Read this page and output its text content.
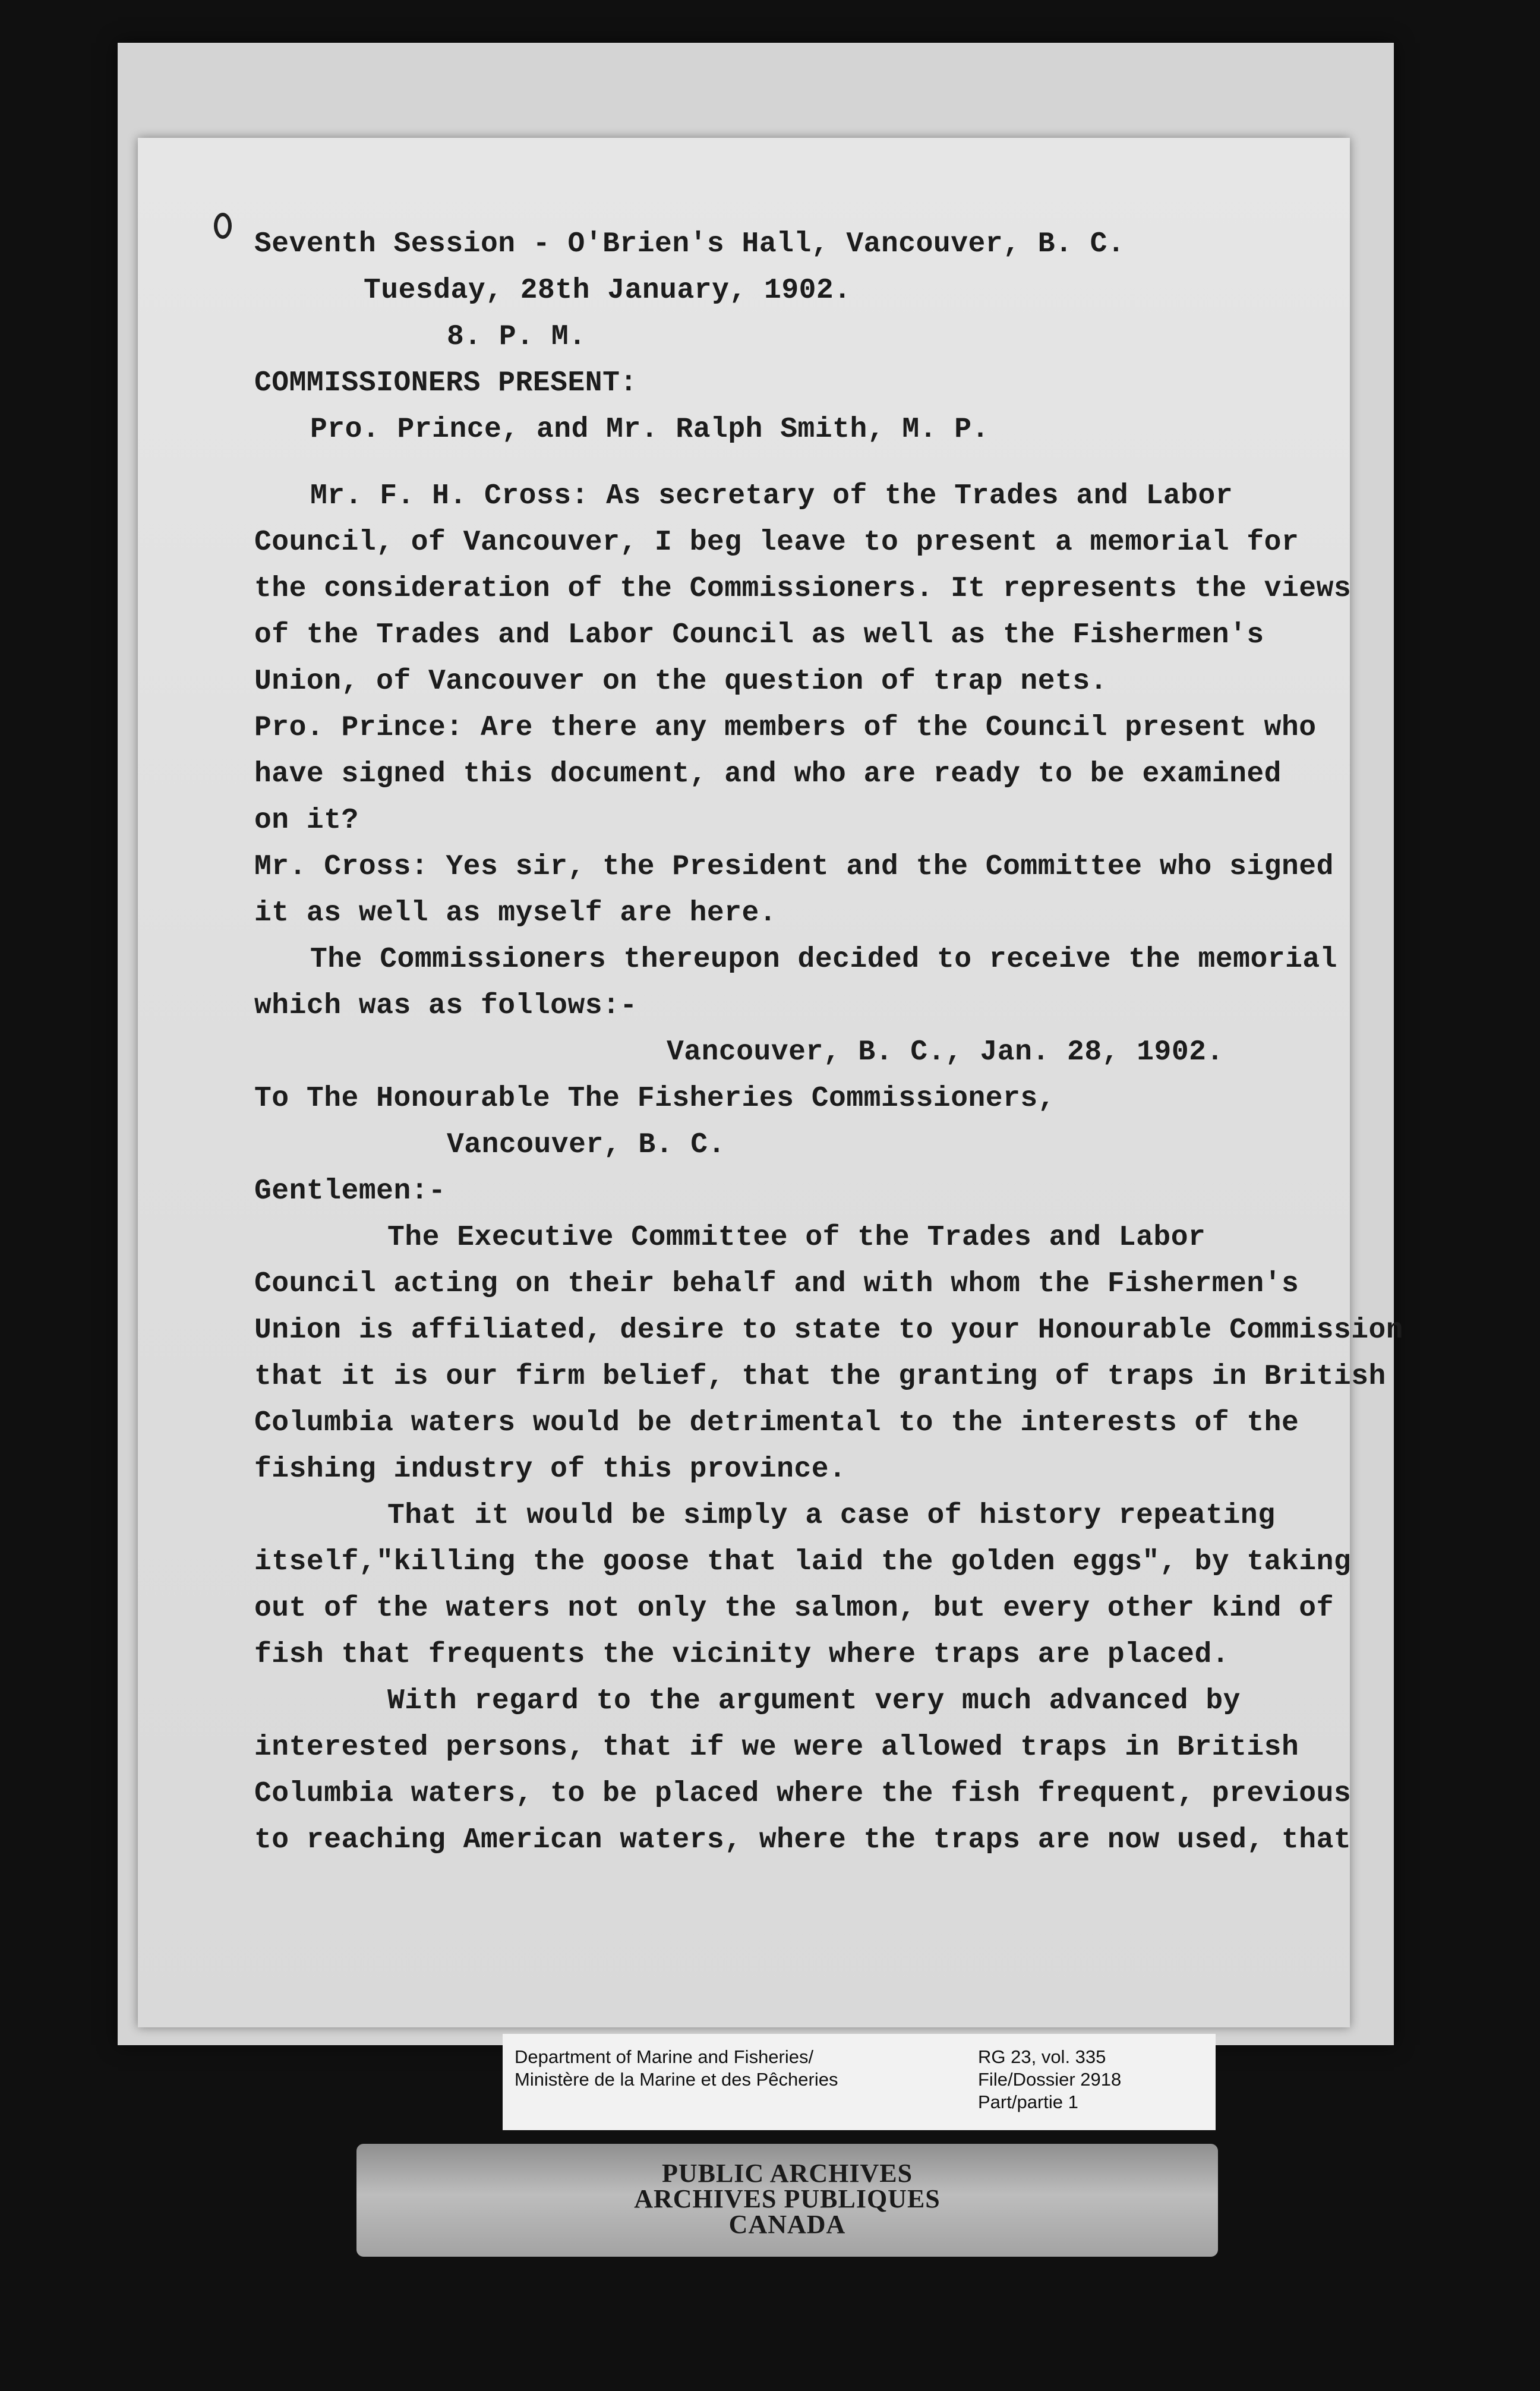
Seventh Session - O'Brien's Hall, Vancouver, B. C.
Tuesday, 28th January, 1902.
8. P. M.
COMMISSIONERS PRESENT:
Pro. Prince, and Mr. Ralph Smith, M. P.
Mr. F. H. Cross: As secretary of the Trades and Labor
Council, of Vancouver, I beg leave to present a memorial for
the consideration of the Commissioners. It represents the views
of the Trades and Labor Council as well as the Fishermen's
Union, of Vancouver on the question of trap nets.
Pro. Prince: Are there any members of the Council present who
have signed this document, and who are ready to be examined
on it?
Mr. Cross: Yes sir, the President and the Committee who signed
it as well as myself are here.
The Commissioners thereupon decided to receive the memorial
which was as follows:-
Vancouver, B. C., Jan. 28, 1902.
To The Honourable The Fisheries Commissioners,
Vancouver, B. C.
Gentlemen:-
The Executive Committee of the Trades and Labor
Council acting on their behalf and with whom the Fishermen's
Union is affiliated, desire to state to your Honourable Commission
that it is our firm belief, that the granting of traps in British
Columbia waters would be detrimental to the interests of the
fishing industry of this province.
That it would be simply a case of history repeating
itself,"killing the goose that laid the golden eggs", by taking
out of the waters not only the salmon, but every other kind of
fish that frequents the vicinity where traps are placed.
With regard to the argument very much advanced by
interested persons, that if we were allowed traps in British
Columbia waters, to be placed where the fish frequent, previous
to reaching American waters, where the traps are now used, that
Department of Marine and Fisheries/
Ministère de la Marine et des Pêcheries
RG 23, vol. 335
File/Dossier 2918
Part/partie 1
PUBLIC ARCHIVES
ARCHIVES PUBLIQUES
CANADA
